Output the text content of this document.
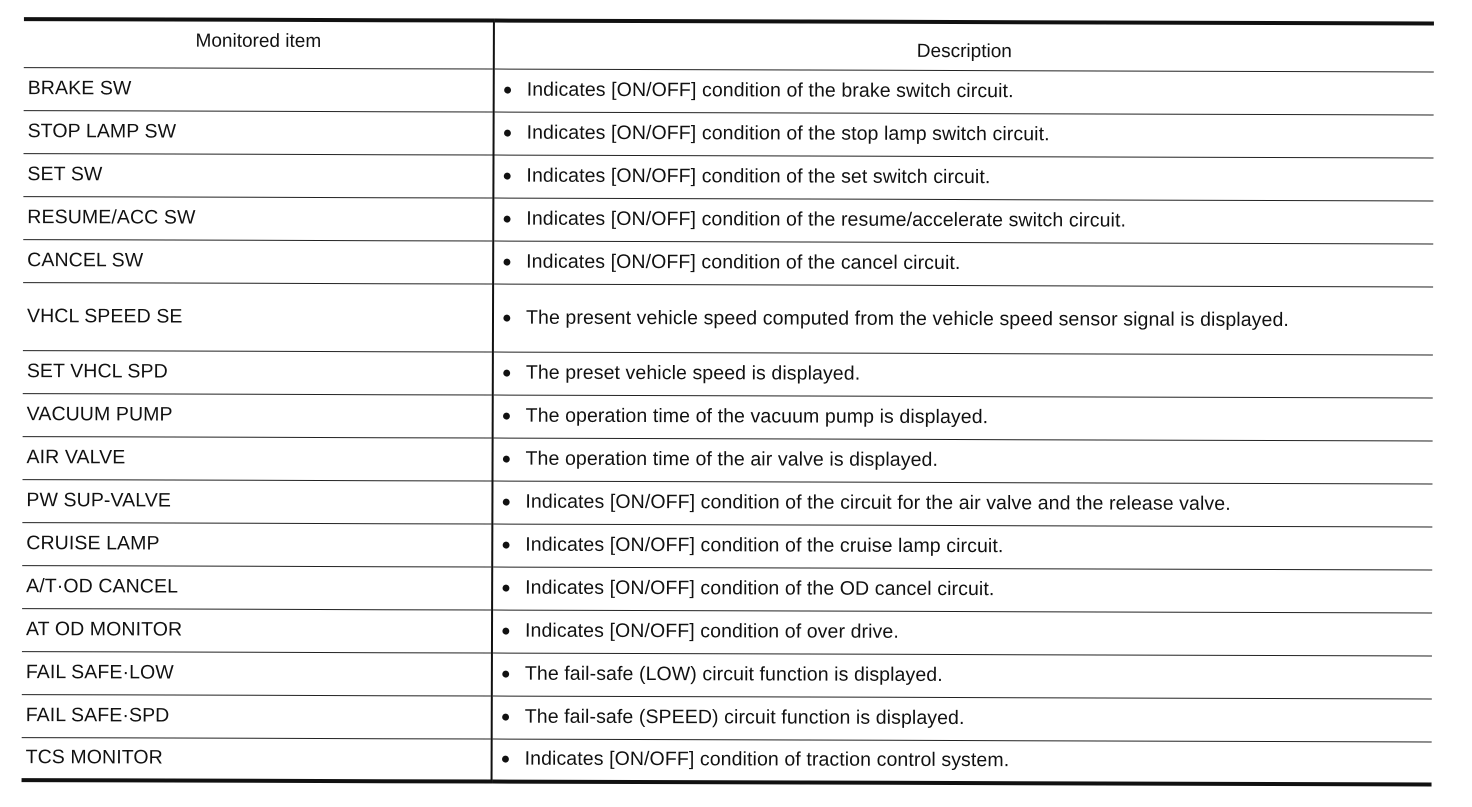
Monitored item	Description
BRAKE SW	● Indicates [ON/OFF] condition of the brake switch circuit.

STOP LAMP SW	● Indicates [ON/OFF] condition of the stop lamp switch circuit.

SET SW	● Indicates [ON/OFF] condition of the set switch circuit.

RESUME/ACC SW	● Indicates [ON/OFF] condition of the resume/accelerate switch circuit.

CANCEL SW	● Indicates [ON/OFF] condition of the cancel circuit.

VHCL SPEED SE	● The present vehicle speed computed from the vehicle speed sensor signal is displayed.

SET VHCL SPD	● The preset vehicle speed is displayed.

VACUUM PUMP	● The operation time of the vacuum pump is displayed.

AIR VALVE	● The operation time of the air valve is displayed.

PW SUP-VALVE	● Indicates [ON/OFF] condition of the circuit for the air valve and the release valve.

CRUISE LAMP	● Indicates [ON/OFF] condition of the cruise lamp circuit.

A/T·OD CANCEL	● Indicates [ON/OFF] condition of the OD cancel circuit.

AT OD MONITOR	● Indicates [ON/OFF] condition of over drive.

FAIL SAFE·LOW	● The fail-safe (LOW) circuit function is displayed.

FAIL SAFE·SPD	● The fail-safe (SPEED) circuit function is displayed.

TCS MONITOR	● Indicates [ON/OFF] condition of traction control system.
